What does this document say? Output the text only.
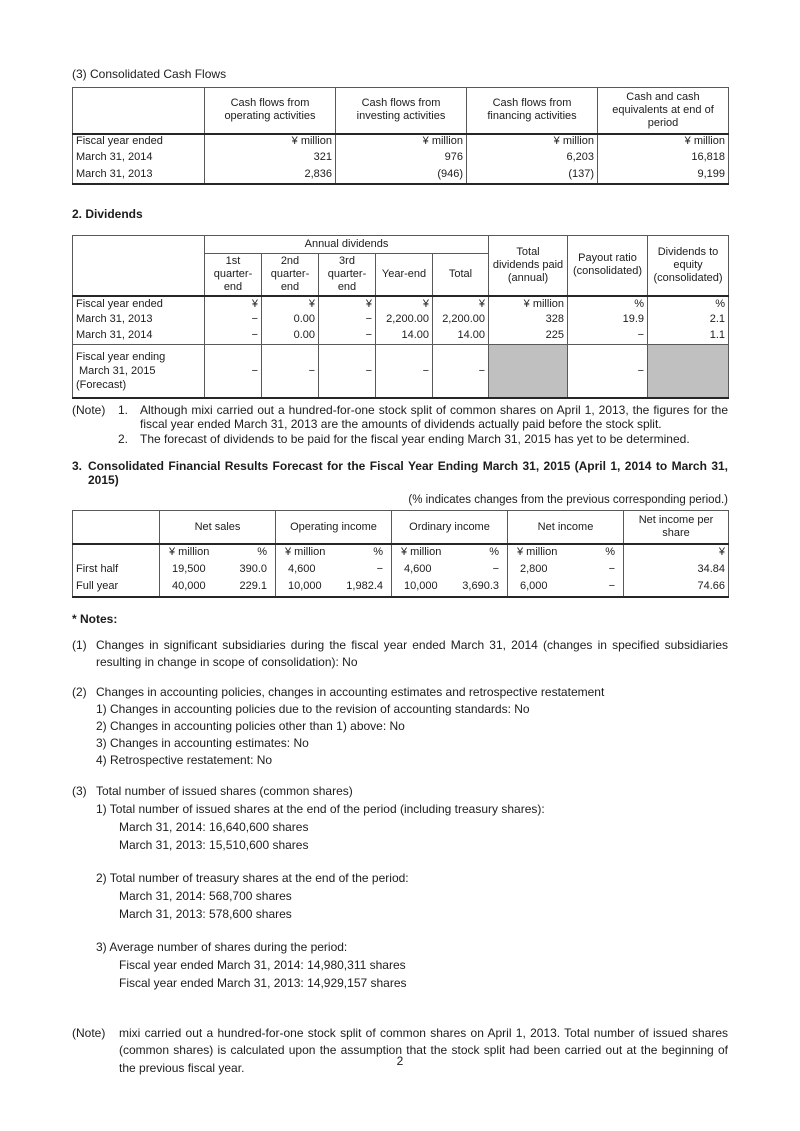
(3) Consolidated Cash Flows
	Cash flows from operating activities	Cash flows from investing activities	Cash flows from financing activities	Cash and cash equivalents at end of period
Fiscal year ended	¥ million	¥ million	¥ million	¥ million
March 31, 2014	321	976	6,203	16,818
March 31, 2013	2,836	(946)	(137)	9,199
2. Dividends
	Annual dividends					Total dividends paid (annual)	Payout ratio (consolidated)	Dividends to equity (consolidated)
	1st quarter-end	2nd quarter-end	3rd quarter-end	Year-end	Total			
Fiscal year ended	¥	¥	¥	¥	¥	¥ million	%	%
March 31, 2013	−	0.00	−	2,200.00	2,200.00	328	19.9	2.1
March 31, 2014	−	0.00	−	14.00	14.00	225	−	1.1

Fiscal year ending
March 31, 2015
(Forecast)	−	−	−	−	−		−	
(Note)	1. Although mixi carried out a hundred-for-one stock split of common shares on April 1, 2013, the figures for the fiscal year ended March 31, 2013 are the amounts of dividends actually paid before the stock split.
2. The forecast of dividends to be paid for the fiscal year ending March 31, 2015 has yet to be determined.
3. Consolidated Financial Results Forecast for the Fiscal Year Ending March 31, 2015 (April 1, 2014 to March 31, 2015)
(% indicates changes from the previous corresponding period.)
	Net sales	Operating income	Ordinary income	Net income	Net income per share

	¥ million %	¥ million %	¥ million %	¥ million %	¥
First half	19,500 390.0	4,600 −	4,600 −	2,800 −	34.84
Full year	40,000 229.1	10,000 1,982.4	10,000 3,690.3	6,000 −	74.66
* Notes:
(1) Changes in significant subsidiaries during the fiscal year ended March 31, 2014 (changes in specified subsidiaries resulting in change in scope of consolidation): No
(2) Changes in accounting policies, changes in accounting estimates and retrospective restatement
1) Changes in accounting policies due to the revision of accounting standards: No
2) Changes in accounting policies other than 1) above: No
3) Changes in accounting estimates: No
4) Retrospective restatement: No
(3) Total number of issued shares (common shares)
1) Total number of issued shares at the end of the period (including treasury shares):
March 31, 2014: 16,640,600 shares
March 31, 2013: 15,510,600 shares
2) Total number of treasury shares at the end of the period:
March 31, 2014: 568,700 shares
March 31, 2013: 578,600 shares
3) Average number of shares during the period:
Fiscal year ended March 31, 2014: 14,980,311 shares
Fiscal year ended March 31, 2013: 14,929,157 shares
(Note)	mixi carried out a hundred-for-one stock split of common shares on April 1, 2013. Total number of issued shares (common shares) is calculated upon the assumption that the stock split had been carried out at the beginning of the previous fiscal year.	2
